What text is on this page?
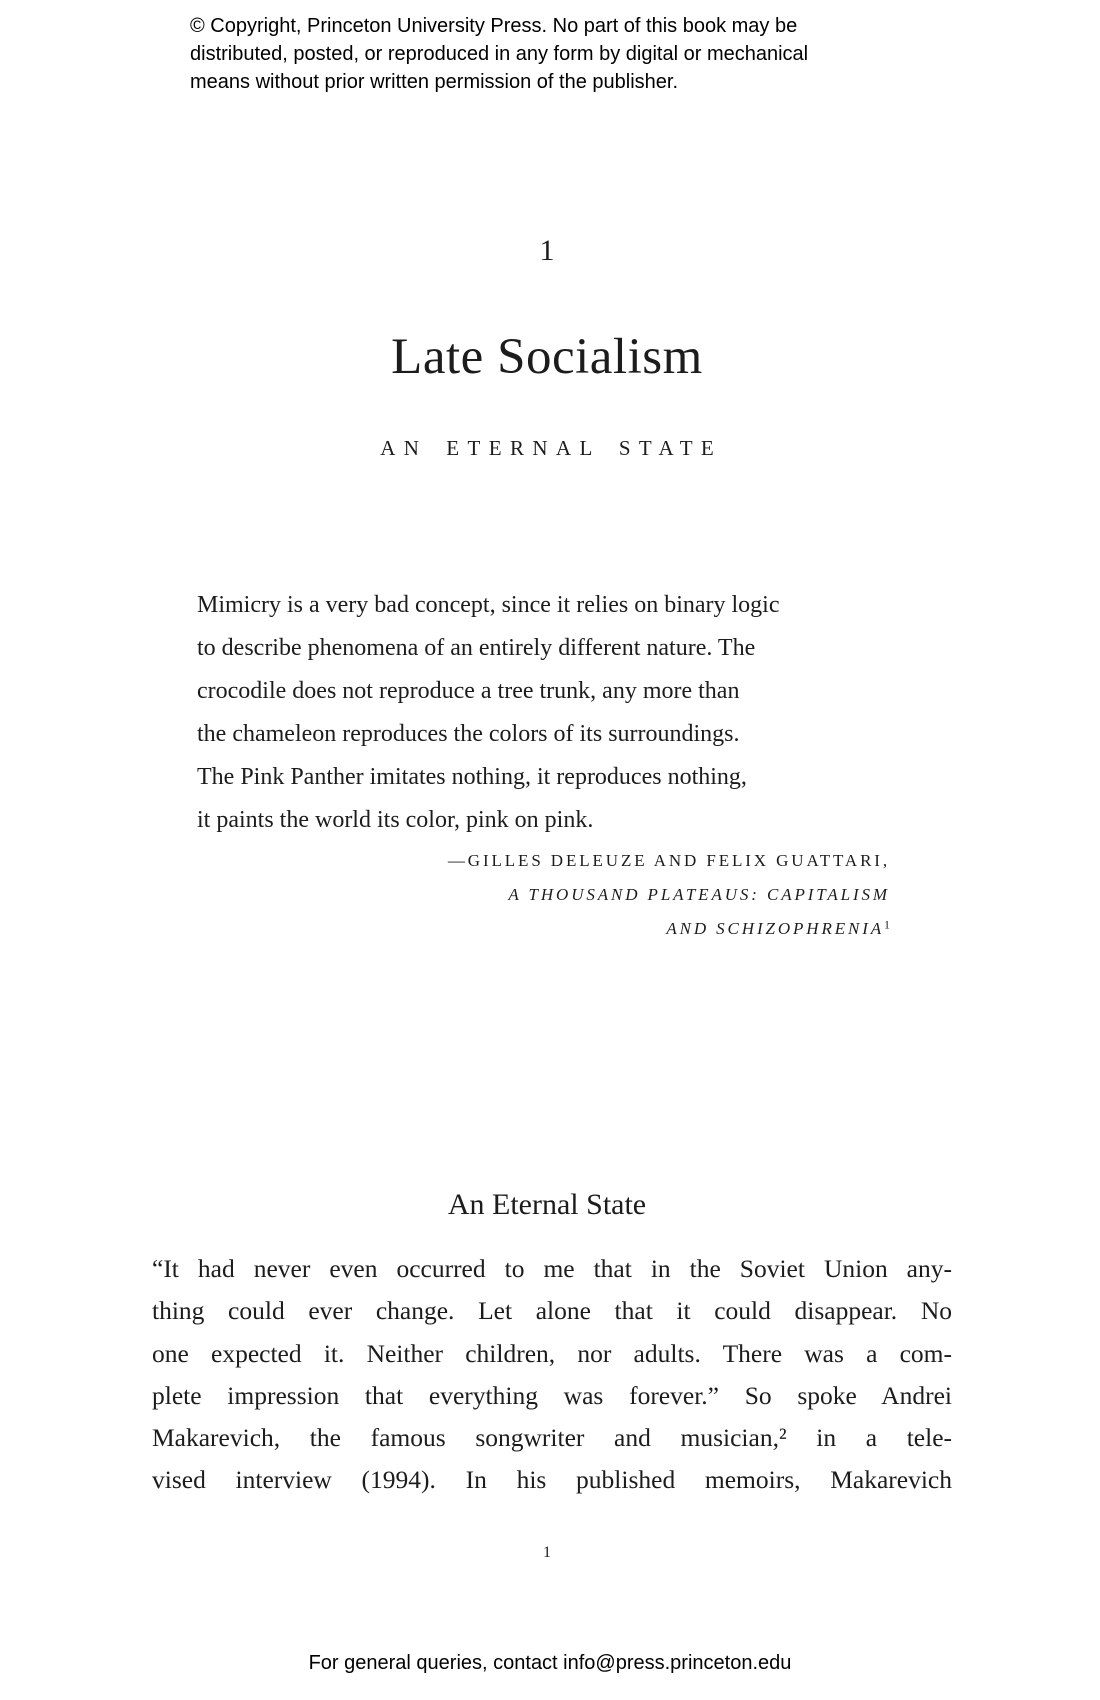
© Copyright, Princeton University Press. No part of this book may be
distributed, posted, or reproduced in any form by digital or mechanical
means without prior written permission of the publisher.
1
Late Socialism
AN ETERNAL STATE
Mimicry is a very bad concept, since it relies on binary logic
to describe phenomena of an entirely different nature. The
crocodile does not reproduce a tree trunk, any more than
the chameleon reproduces the colors of its surroundings.
The Pink Panther imitates nothing, it reproduces nothing,
it paints the world its color, pink on pink.
—GILLES DELEUZE AND FELIX GUATTARI,
A THOUSAND PLATEAUS: CAPITALISM
AND SCHIZOPHRENIA$^1$
An Eternal State
“It had never even occurred to me that in the Soviet Union any-
thing could ever change. Let alone that it could disappear. No
one expected it. Neither children, nor adults. There was a com-
plete impression that everything was forever.” So spoke Andrei
Makarevich, the famous songwriter and musician,² in a tele-
vised interview (1994). In his published memoirs, Makarevich
1
For general queries, contact info@press.princeton.edu
